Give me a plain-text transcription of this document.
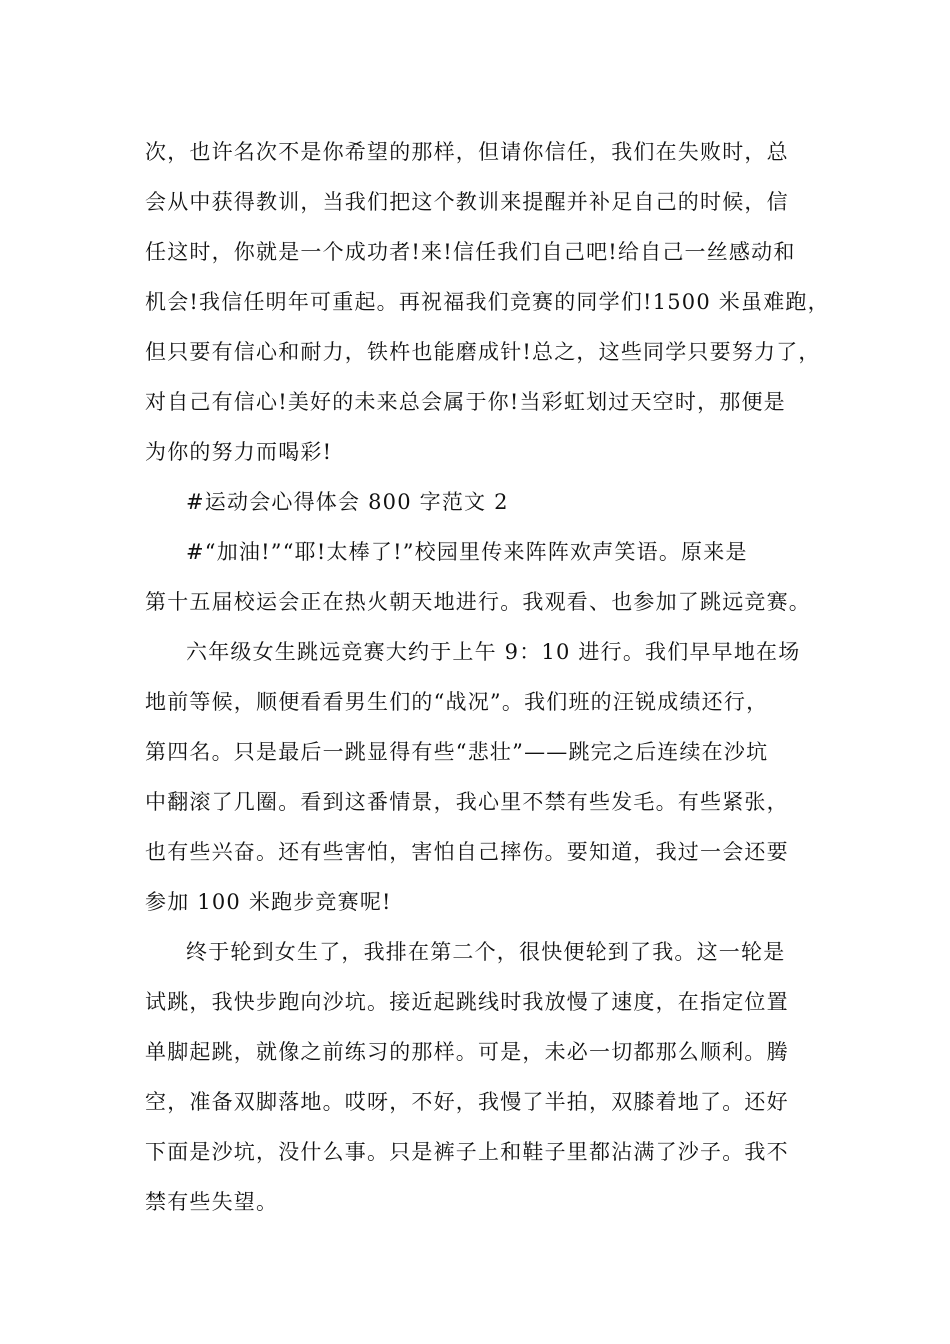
次，也许名次不是你希望的那样，但请你信任，我们在失败时，总
会从中获得教训，当我们把这个教训来提醒并补足自己的时候，信
任这时，你就是一个成功者!来!信任我们自己吧!给自己一丝感动和
机会!我信任明年可重起。再祝福我们竞赛的同学们!1500 米虽难跑，
但只要有信心和耐力，铁杵也能磨成针!总之，这些同学只要努力了，
对自己有信心!美好的未来总会属于你!当彩虹划过天空时，那便是
为你的努力而喝彩!
#运动会心得体会 800 字范文 2
#“加油!”“耶!太棒了!”校园里传来阵阵欢声笑语。原来是
第十五届校运会正在热火朝天地进行。我观看、也参加了跳远竞赛。
六年级女生跳远竞赛大约于上午 9：10 进行。我们早早地在场
地前等候，顺便看看男生们的“战况”。我们班的汪锐成绩还行，
第四名。只是最后一跳显得有些“悲壮”——跳完之后连续在沙坑
中翻滚了几圈。看到这番情景，我心里不禁有些发毛。有些紧张，
也有些兴奋。还有些害怕，害怕自己摔伤。要知道，我过一会还要
参加 100 米跑步竞赛呢!
终于轮到女生了，我排在第二个，很快便轮到了我。这一轮是
试跳，我快步跑向沙坑。接近起跳线时我放慢了速度，在指定位置
单脚起跳，就像之前练习的那样。可是，未必一切都那么顺利。腾
空，准备双脚落地。哎呀，不好，我慢了半拍，双膝着地了。还好
下面是沙坑，没什么事。只是裤子上和鞋子里都沾满了沙子。我不
禁有些失望。
